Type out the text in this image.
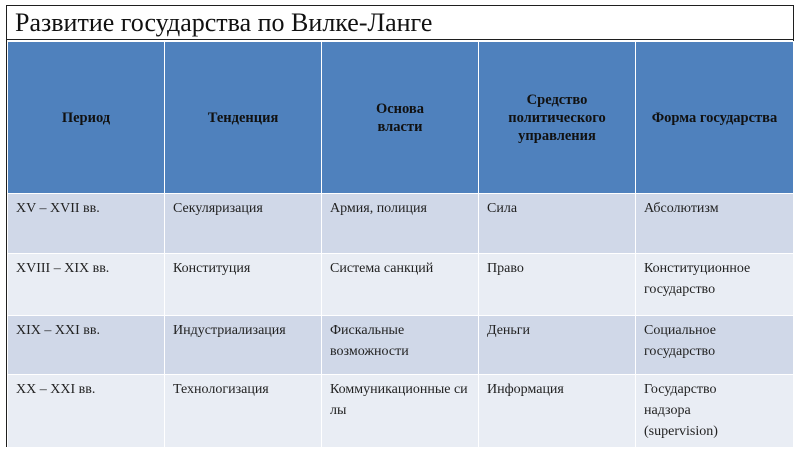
Развитие государства по Вилке-Ланге
Период	Тенденция	Основа власти	Средство политического управления	Форма государства
XV – XVII вв.	Секуляризация	Армия, полиция	Сила	Абсолютизм
XVIII – XIX вв.	Конституция	Система санкций	Право	Конституционное государство
XIX – XXI вв.	Индустриализация	Фискальные возможности	Деньги	Социальное государство
XX – XXI вв.	Технологизация	Коммуникационные силы	Информация	Государство надзора (supervision)
